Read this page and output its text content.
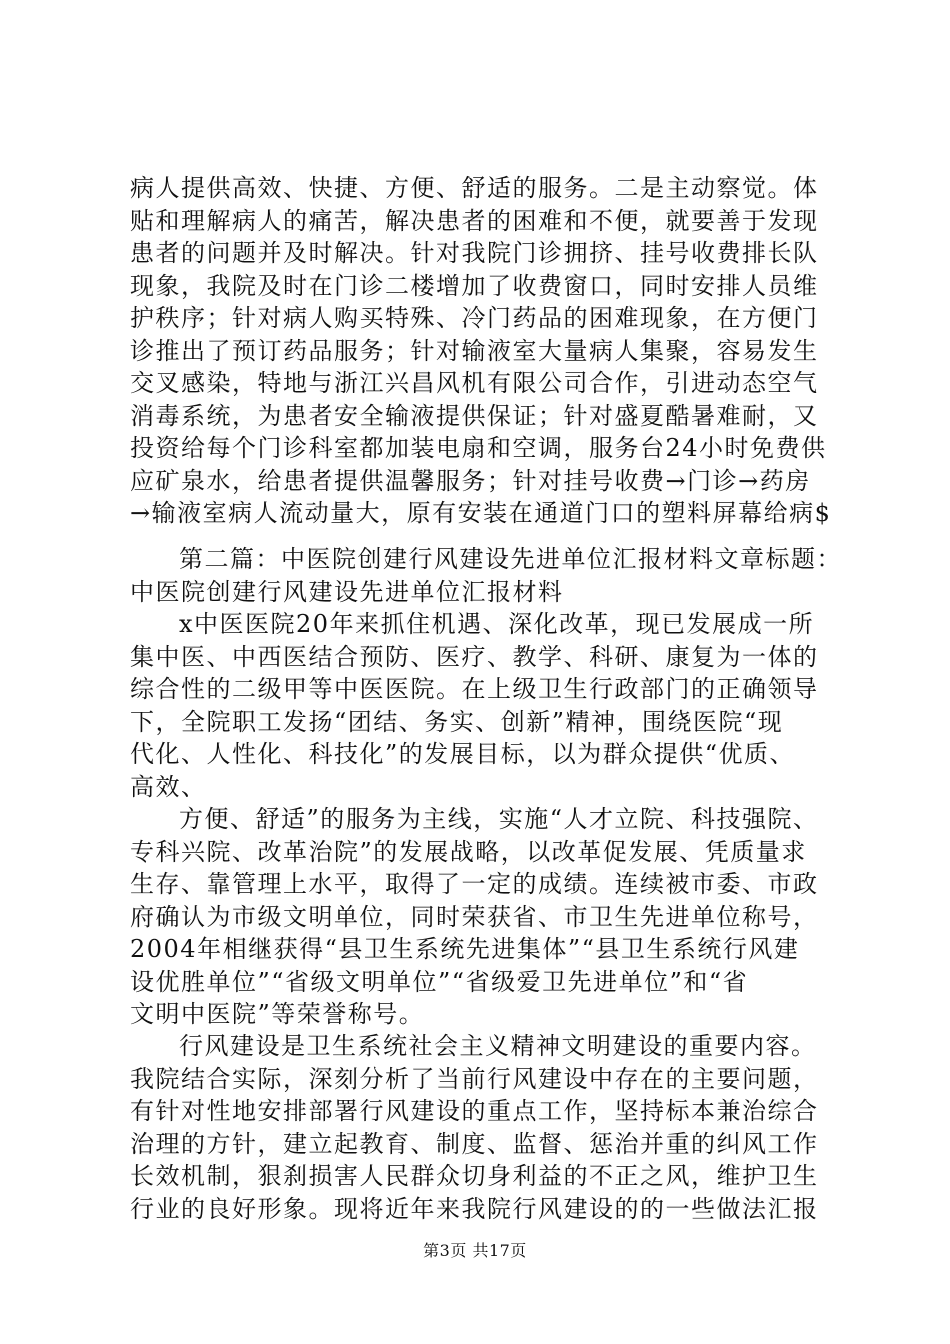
病人提供高效、快捷、方便、舒适的服务。二是主动察觉。体
贴和理解病人的痛苦，解决患者的困难和不便，就要善于发现
患者的问题并及时解决。针对我院门诊拥挤、挂号收费排长队
现象，我院及时在门诊二楼增加了收费窗口，同时安排人员维
护秩序；针对病人购买特殊、冷门药品的困难现象，在方便门
诊推出了预订药品服务；针对输液室大量病人集聚，容易发生
交叉感染，特地与浙江兴昌风机有限公司合作，引进动态空气
消毒系统，为患者安全输液提供保证；针对盛夏酷暑难耐，又
投资给每个门诊科室都加装电扇和空调，服务台24小时免费供
应矿泉水，给患者提供温馨服务；针对挂号收费→门诊→药房
→输液室病人流动量大，原有安装在通道门口的塑料屏幕给病$
第二篇：中医院创建行风建设先进单位汇报材料文章标题：
中医院创建行风建设先进单位汇报材料
x中医医院20年来抓住机遇、深化改革，现已发展成一所
集中医、中西医结合预防、医疗、教学、科研、康复为一体的
综合性的二级甲等中医医院。在上级卫生行政部门的正确领导
下，全院职工发扬“团结、务实、创新”精神，围绕医院“现
代化、人性化、科技化”的发展目标，以为群众提供“优质、
高效、
方便、舒适”的服务为主线，实施“人才立院、科技强院、
专科兴院、改革治院”的发展战略，以改革促发展、凭质量求
生存、靠管理上水平，取得了一定的成绩。连续被市委、市政
府确认为市级文明单位，同时荣获省、市卫生先进单位称号，
2004年相继获得“县卫生系统先进集体”“县卫生系统行风建
设优胜单位”“省级文明单位”“省级爱卫先进单位”和“省
文明中医院”等荣誉称号。
行风建设是卫生系统社会主义精神文明建设的重要内容。
我院结合实际，深刻分析了当前行风建设中存在的主要问题，
有针对性地安排部署行风建设的重点工作，坚持标本兼治综合
治理的方针，建立起教育、制度、监督、惩治并重的纠风工作
长效机制，狠刹损害人民群众切身利益的不正之风，维护卫生
行业的良好形象。现将近年来我院行风建设的的一些做法汇报
第3页 共17页
